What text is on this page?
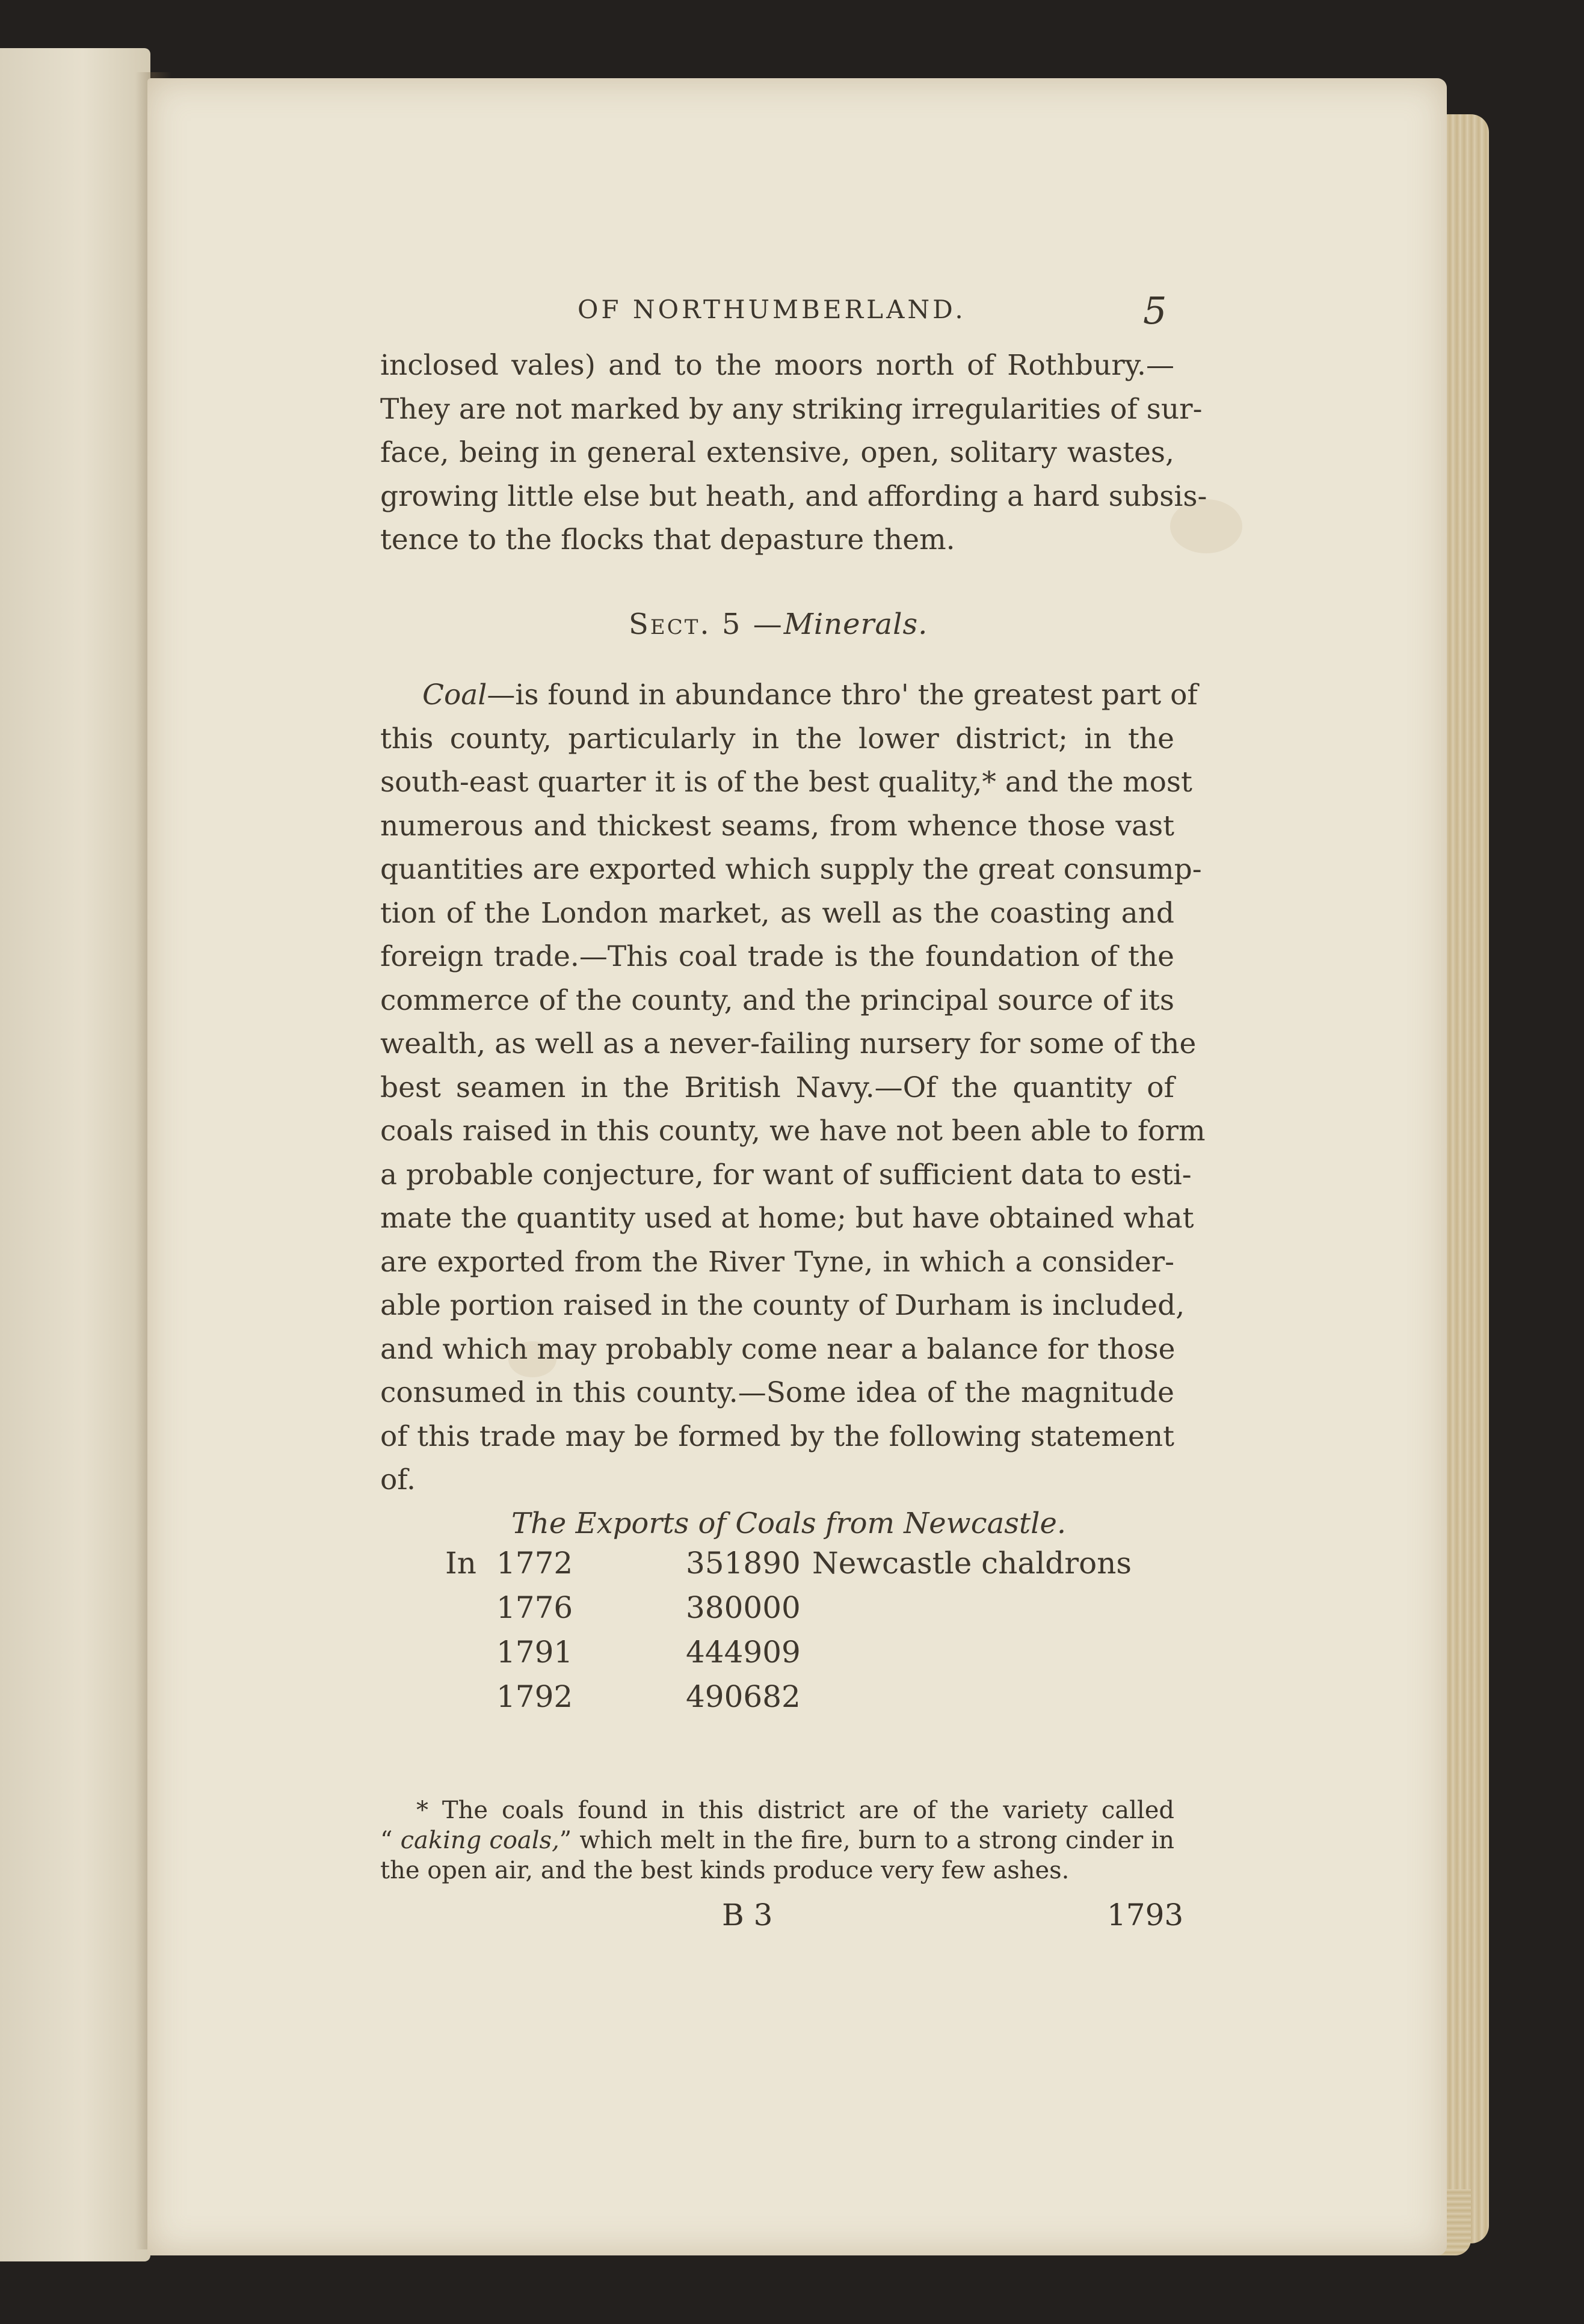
OF NORTHUMBERLAND.	5
inclosed vales) and to the moors north of Rothbury.—
They are not marked by any striking irregularities of sur-
face, being in general extensive, open, solitary wastes,
growing little else but heath, and affording a hard subsis-
tence to the flocks that depasture them.
Sect. 5 —Minerals.
Coal—is found in abundance thro' the greatest part of
this county, particularly in the lower district; in the
south-east quarter it is of the best quality,* and the most
numerous and thickest seams, from whence those vast
quantities are exported which supply the great consump-
tion of the London market, as well as the coasting and
foreign trade.—This coal trade is the foundation of the
commerce of the county, and the principal source of its
wealth, as well as a never-failing nursery for some of the
best seamen in the British Navy.—Of the quantity of
coals raised in this county, we have not been able to form
a probable conjecture, for want of sufficient data to esti-
mate the quantity used at home; but have obtained what
are exported from the River Tyne, in which a consider-
able portion raised in the county of Durham is included,
and which may probably come near a balance for those
consumed in this county.—Some idea of the magnitude
of this trade may be formed by the following statement
of.
The Exports of Coals from Newcastle.
In 1772	351890 Newcastle chaldrons
1776	380000
1791	444909
1792	490682
* The coals found in this district are of the variety called
“ caking coals,” which melt in the fire, burn to a strong cinder in
the open air, and the best kinds produce very few ashes.
B 3	1793
